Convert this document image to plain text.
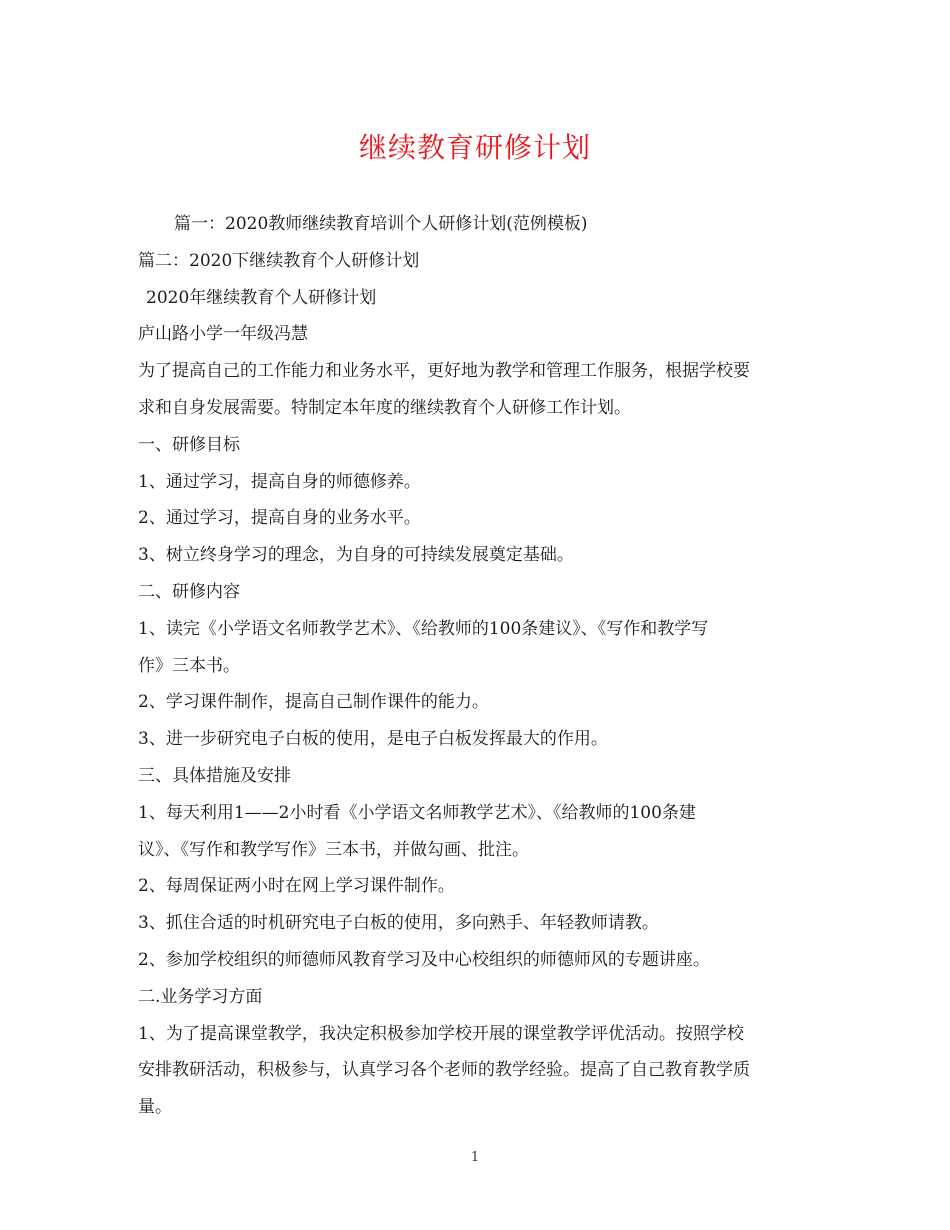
继续教育研修计划
篇一：2020教师继续教育培训个人研修计划(范例模板)
篇二：2020下继续教育个人研修计划
2020年继续教育个人研修计划
庐山路小学一年级冯慧
为了提高自己的工作能力和业务水平，更好地为教学和管理工作服务，根据学校要
求和自身发展需要。特制定本年度的继续教育个人研修工作计划。
一、研修目标
1、通过学习，提高自身的师德修养。
2、通过学习，提高自身的业务水平。
3、树立终身学习的理念，为自身的可持续发展奠定基础。
二、研修内容
1、读完《小学语文名师教学艺术》、《给教师的100条建议》、《写作和教学写
作》三本书。
2、学习课件制作，提高自己制作课件的能力。
3、进一步研究电子白板的使用，是电子白板发挥最大的作用。
三、具体措施及安排
1、每天利用1——2小时看《小学语文名师教学艺术》、《给教师的100条建
议》、《写作和教学写作》三本书，并做勾画、批注。
2、每周保证两小时在网上学习课件制作。
3、抓住合适的时机研究电子白板的使用，多向熟手、年轻教师请教。
2、参加学校组织的师德师风教育学习及中心校组织的师德师风的专题讲座。
二.业务学习方面
1、为了提高课堂教学，我决定积极参加学校开展的课堂教学评优活动。按照学校
安排教研活动，积极参与，认真学习各个老师的教学经验。提高了自己教育教学质
量。
1
